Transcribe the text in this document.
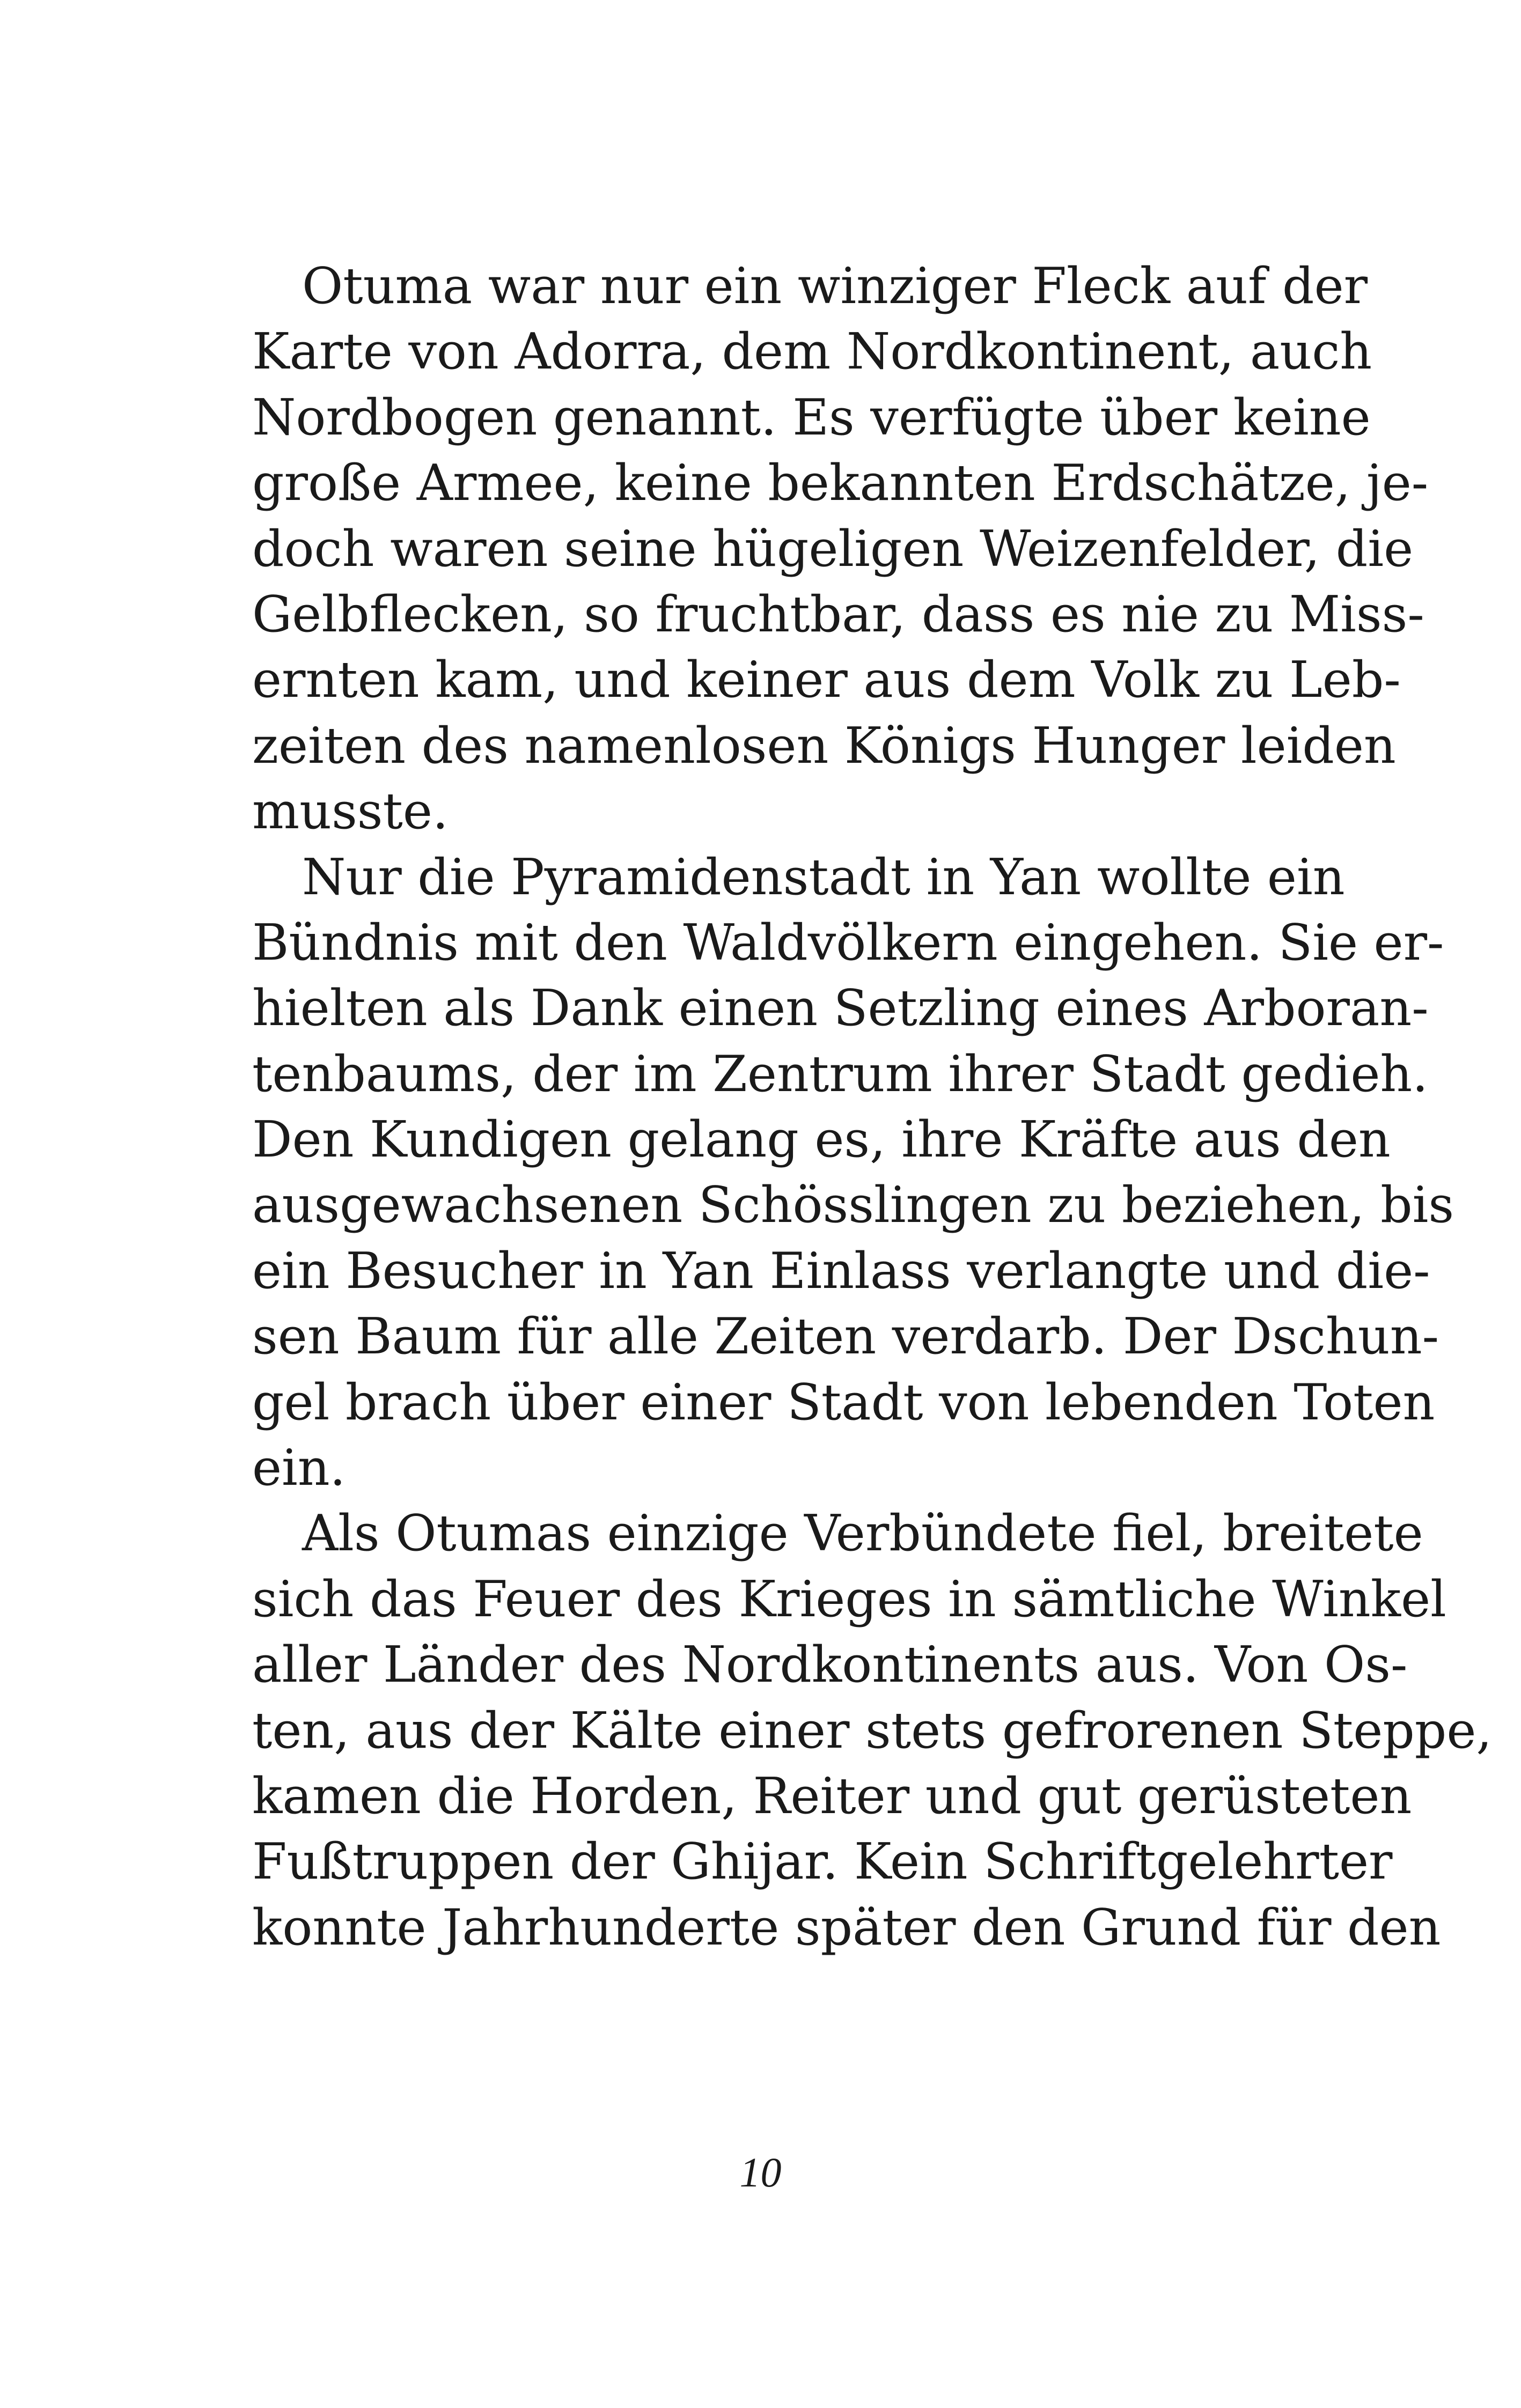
Otuma war nur ein winziger Fleck auf der
Karte von Adorra, dem Nordkontinent, auch
Nordbogen genannt. Es verfügte über keine
große Armee, keine bekannten Erdschätze, je-
doch waren seine hügeligen Weizenfelder, die
Gelbflecken, so fruchtbar, dass es nie zu Miss-
ernten kam, und keiner aus dem Volk zu Leb-
zeiten des namenlosen Königs Hunger leiden
musste.
Nur die Pyramidenstadt in Yan wollte ein
Bündnis mit den Waldvölkern eingehen. Sie er-
hielten als Dank einen Setzling eines Arboran-
tenbaums, der im Zentrum ihrer Stadt gedieh.
Den Kundigen gelang es, ihre Kräfte aus den
ausgewachsenen Schösslingen zu beziehen, bis
ein Besucher in Yan Einlass verlangte und die-
sen Baum für alle Zeiten verdarb. Der Dschun-
gel brach über einer Stadt von lebenden Toten
ein.
Als Otumas einzige Verbündete fiel, breitete
sich das Feuer des Krieges in sämtliche Winkel
aller Länder des Nordkontinents aus. Von Os-
ten, aus der Kälte einer stets gefrorenen Steppe,
kamen die Horden, Reiter und gut gerüsteten
Fußtruppen der Ghijar. Kein Schriftgelehrter
konnte Jahrhunderte später den Grund für den
10
